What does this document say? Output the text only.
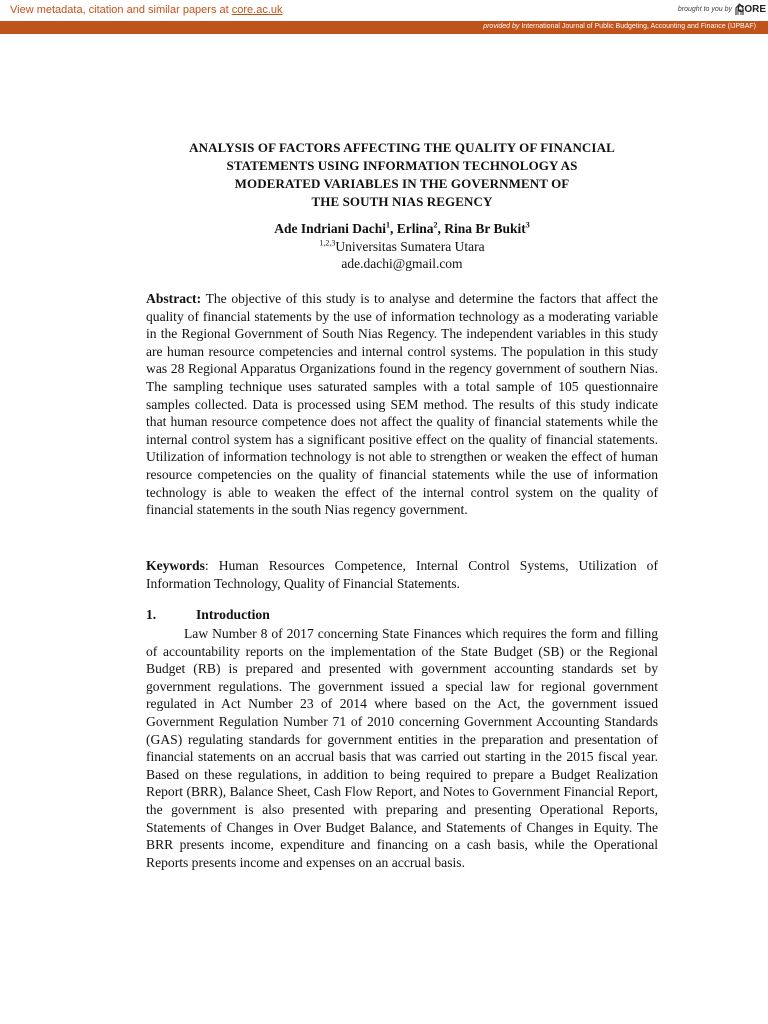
View metadata, citation and similar papers at core.ac.uk	brought to you by CORE
provided by International Journal of Public Budgeting, Accounting and Finance (IJPBAF)
ANALYSIS OF FACTORS AFFECTING THE QUALITY OF FINANCIAL
STATEMENTS USING INFORMATION TECHNOLOGY AS
MODERATED VARIABLES IN THE GOVERNMENT OF
THE SOUTH NIAS REGENCY
Ade Indriani Dachi$^1$, Erlina$^2$, Rina Br Bukit$^3$
$^{1,2,3}$Universitas Sumatera Utara
ade.dachi@gmail.com
Abstract: The objective of this study is to analyse and determine the factors that affect the quality of financial statements by the use of information technology as a moderating variable in the Regional Government of South Nias Regency. The independent variables in this study are human resource competencies and internal control systems. The population in this study was 28 Regional Apparatus Organizations found in the regency government of southern Nias. The sampling technique uses saturated samples with a total sample of 105 questionnaire samples collected. Data is processed using SEM method. The results of this study indicate that human resource competence does not affect the quality of financial statements while the internal control system has a significant positive effect on the quality of financial statements. Utilization of information technology is not able to strengthen or weaken the effect of human resource competencies on the quality of financial statements while the use of information technology is able to weaken the effect of the internal control system on the quality of financial statements in the south Nias regency government.
Keywords: Human Resources Competence, Internal Control Systems, Utilization of Information Technology, Quality of Financial Statements.
1.	Introduction
Law Number 8 of 2017 concerning State Finances which requires the form and filling of accountability reports on the implementation of the State Budget (SB) or the Regional Budget (RB) is prepared and presented with government accounting standards set by government regulations. The government issued a special law for regional government regulated in Act Number 23 of 2014 where based on the Act, the government issued Government Regulation Number 71 of 2010 concerning Government Accounting Standards (GAS) regulating standards for government entities in the preparation and presentation of financial statements on an accrual basis that was carried out starting in the 2015 fiscal year. Based on these regulations, in addition to being required to prepare a Budget Realization Report (BRR), Balance Sheet, Cash Flow Report, and Notes to Government Financial Report, the government is also presented with preparing and presenting Operational Reports, Statements of Changes in Over Budget Balance, and Statements of Changes in Equity. The BRR presents income, expenditure and financing on a cash basis, while the Operational Reports presents income and expenses on an accrual basis.
